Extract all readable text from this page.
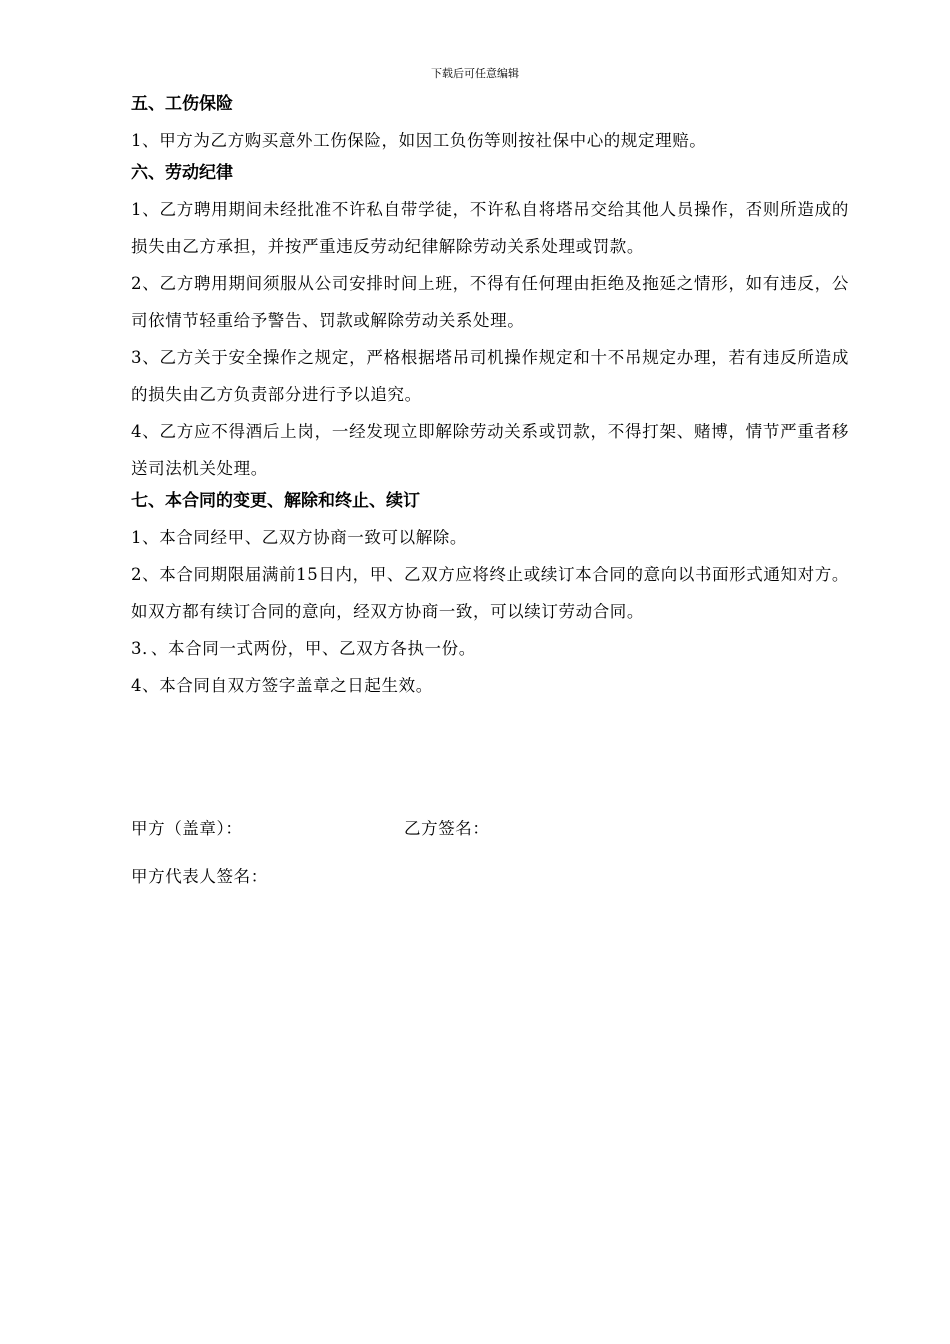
下载后可任意编辑

五、工伤保险

1、甲方为乙方购买意外工伤保险，如因工负伤等则按社保中心的规定理赔。

六、劳动纪律

1、乙方聘用期间未经批准不许私自带学徒，不许私自将塔吊交给其他人员操作，否则所造成的损失由乙方承担，并按严重违反劳动纪律解除劳动关系处理或罚款。

2、乙方聘用期间须服从公司安排时间上班，不得有任何理由拒绝及拖延之情形，如有违反，公司依情节轻重给予警告、罚款或解除劳动关系处理。

3、乙方关于安全操作之规定，严格根据塔吊司机操作规定和十不吊规定办理，若有违反所造成的损失由乙方负责部分进行予以追究。

4、乙方应不得酒后上岗，一经发现立即解除劳动关系或罚款，不得打架、赌博，情节严重者移送司法机关处理。

七、本合同的变更、解除和终止、续订

1、本合同经甲、乙双方协商一致可以解除。

2、本合同期限届满前15日内，甲、乙双方应将终止或续订本合同的意向以书面形式通知对方。如双方都有续订合同的意向，经双方协商一致，可以续订劳动合同。

3．、本合同一式两份，甲、乙双方各执一份。

4、本合同自双方签字盖章之日起生效。

甲方（盖章）：	乙方签名：
甲方代表人签名：
